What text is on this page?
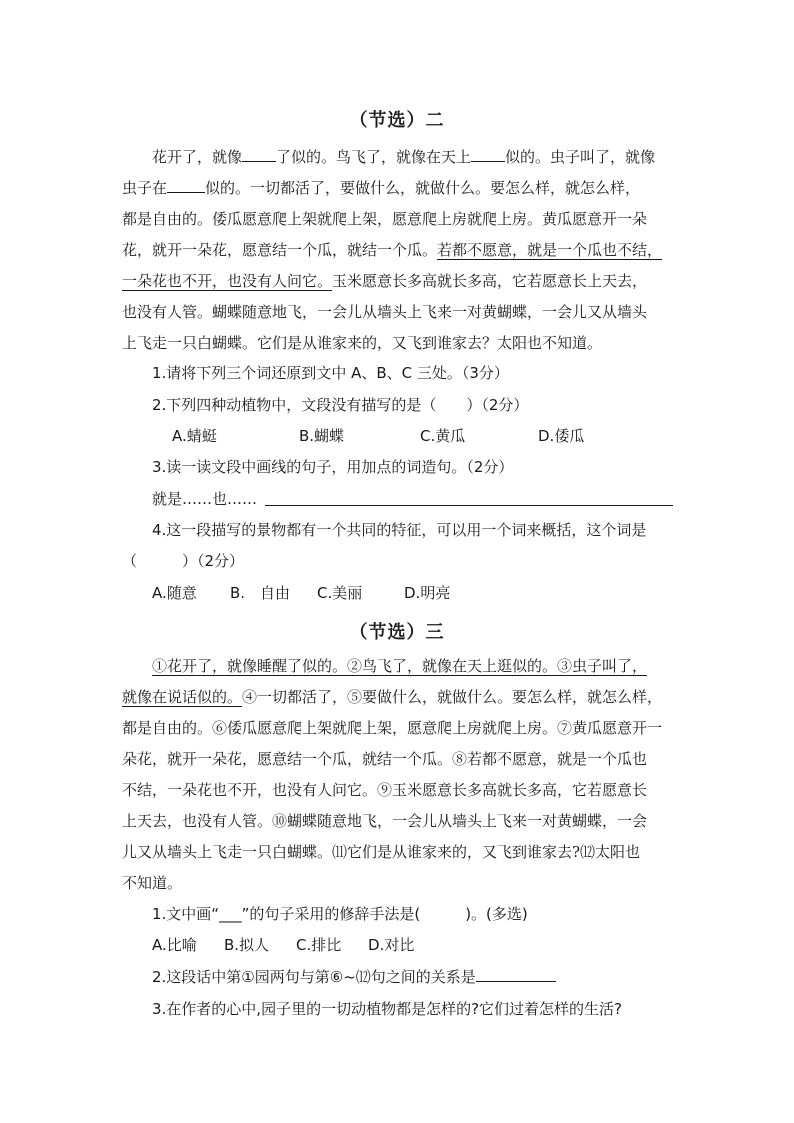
（节选）二
花开了，就像 了似的。鸟飞了，就像在天上 似的。虫子叫了，就像
虫子在	似的。一切都活了，要做什么，就做什么。要怎么样，就怎么样，
都是自由的。倭瓜愿意爬上架就爬上架，愿意爬上房就爬上房。黄瓜愿意开一朵
花，就开一朵花，愿意结一个瓜，就结一个瓜。若都不愿意，就是一个瓜也不结，
一朵花也不开，也没有人问它。玉米愿意长多高就长多高，它若愿意长上天去，
也没有人管。蝴蝶随意地飞，一会儿从墙头上飞来一对黄蝴蝶，一会儿又从墙头
上飞走一只白蝴蝶。它们是从谁家来的，又飞到谁家去？太阳也不知道。
1.请将下列三个词还原到文中 A、B、C 三处。（3分）
2.下列四种动植物中，文段没有描写的是（　　）（2分）
A.蜻蜓	B.蝴蝶	C.黄瓜	D.倭瓜
3.读一读文段中画线的句子，用加点的词造句。（2分）
就是……也……
4.这一段描写的景物都有一个共同的特征，可以用一个词来概括，这个词是
（　　　）（2分）
A.随意 B.　自由 C.美丽	D.明亮
（节选）三
①花开了，就像睡醒了似的。②鸟飞了，就像在天上逛似的。③虫子叫了，
就像在说话似的。④一切都活了，⑤要做什么，就做什么。要怎么样，就怎么样，
都是自由的。⑥倭瓜愿意爬上架就爬上架，愿意爬上房就爬上房。⑦黄瓜愿意开一
朵花，就开一朵花，愿意结一个瓜，就结一个瓜。⑧若都不愿意，就是一个瓜也
不结，一朵花也不开，也没有人问它。⑨玉米愿意长多高就长多高，它若愿意长
上天去，也没有人管。⑩蝴蝶随意地飞，一会儿从墙头上飞来一对黄蝴蝶，一会
儿又从墙头上飞走一只白蝴蝶。⑾它们是从谁家来的，又飞到谁家去?⑿太阳也
不知道。
1.文中画“___”的句子采用的修辞手法是(　　　)。(多选)
A.比喻 B.拟人 C.排比 D.对比
2.这段话中第①园两句与第⑥~⑿句之间的关系是
3.在作者的心中,园子里的一切动植物都是怎样的?它们过着怎样的生活?
